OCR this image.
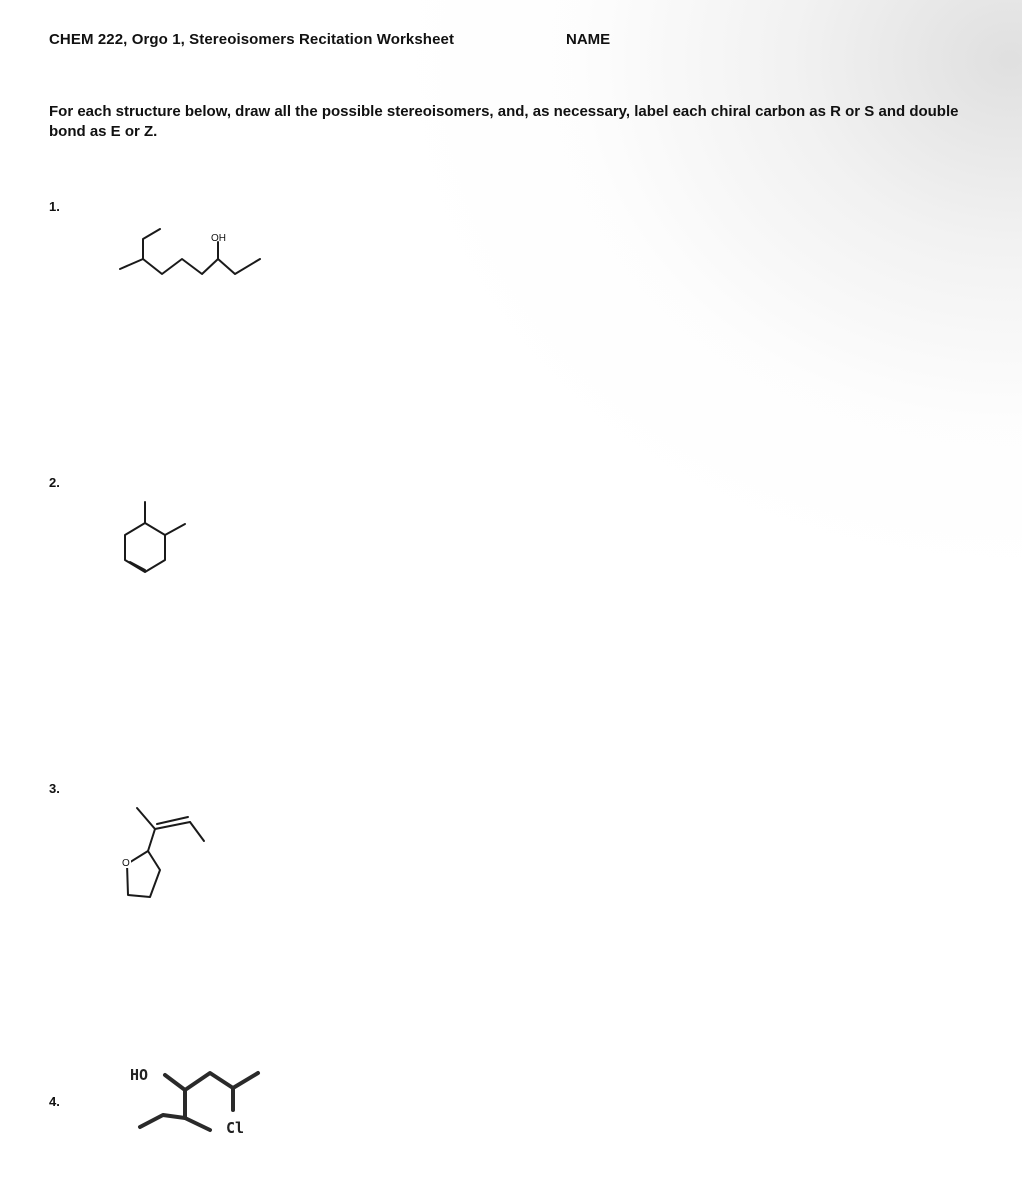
CHEM 222, Orgo 1, Stereoisomers Recitation Worksheet	NAME
For each structure below, draw all the possible stereoisomers, and, as necessary, label each chiral carbon as R or S and double bond as E or Z.
1.
OH
2.
3.
O
4.
HO
Cl
